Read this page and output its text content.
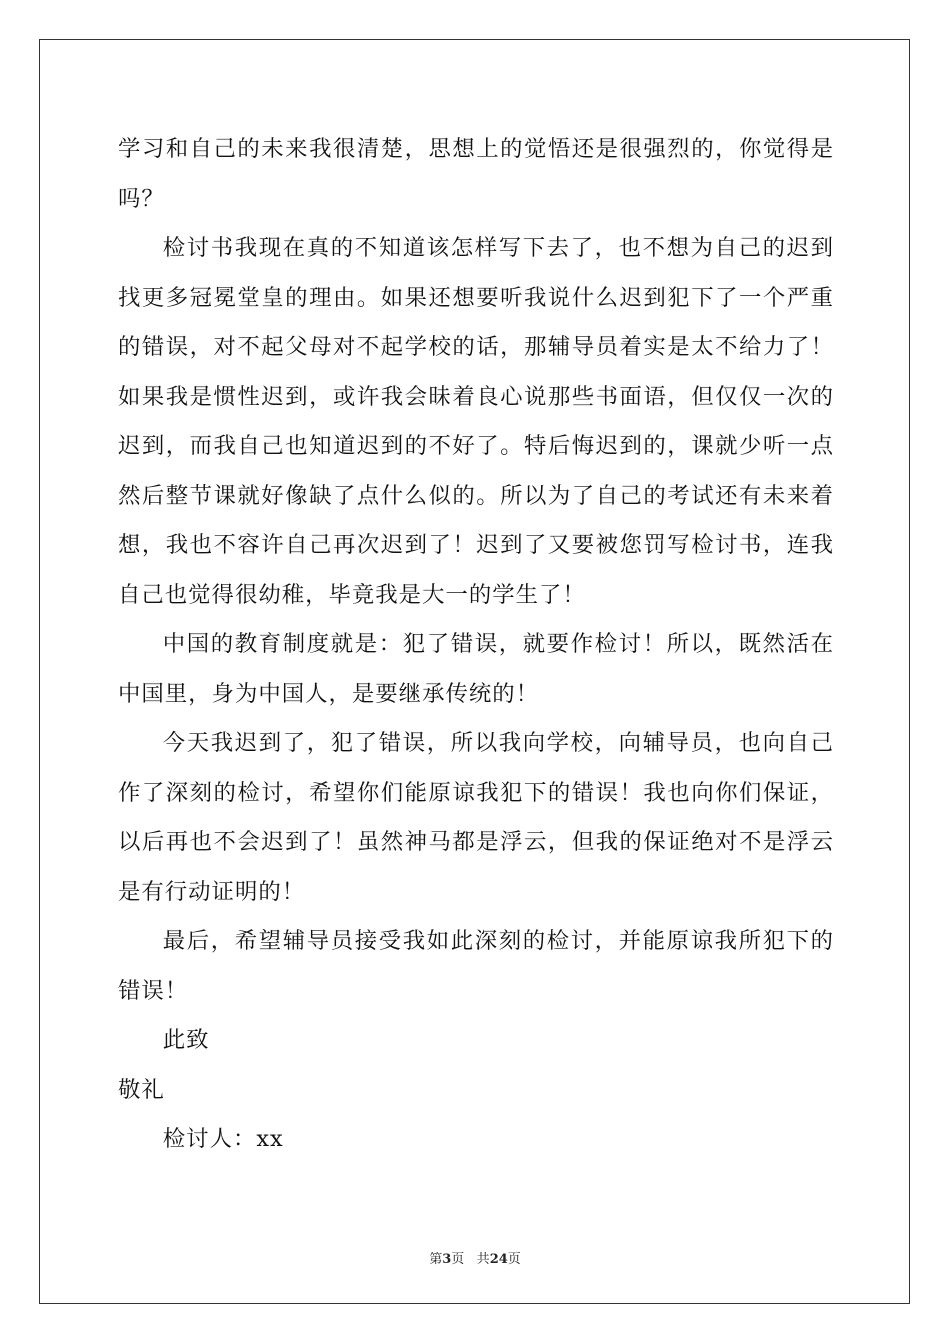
学习和自己的未来我很清楚，思想上的觉悟还是很强烈的，你觉得是吗？

检讨书我现在真的不知道该怎样写下去了，也不想为自己的迟到找更多冠冕堂皇的理由。如果还想要听我说什么迟到犯下了一个严重的错误，对不起父母对不起学校的话，那辅导员着实是太不给力了！如果我是惯性迟到，或许我会昧着良心说那些书面语，但仅仅一次的迟到，而我自己也知道迟到的不好了。特后悔迟到的，课就少听一点然后整节课就好像缺了点什么似的。所以为了自己的考试还有未来着想，我也不容许自己再次迟到了！迟到了又要被您罚写检讨书，连我自己也觉得很幼稚，毕竟我是大一的学生了！

中国的教育制度就是：犯了错误，就要作检讨！所以，既然活在中国里，身为中国人，是要继承传统的！

今天我迟到了，犯了错误，所以我向学校，向辅导员，也向自己作了深刻的检讨，希望你们能原谅我犯下的错误！我也向你们保证，以后再也不会迟到了！虽然神马都是浮云，但我的保证绝对不是浮云是有行动证明的！

最后，希望辅导员接受我如此深刻的检讨，并能原谅我所犯下的错误！

此致

敬礼

检讨人：xx

第3页 共24页
